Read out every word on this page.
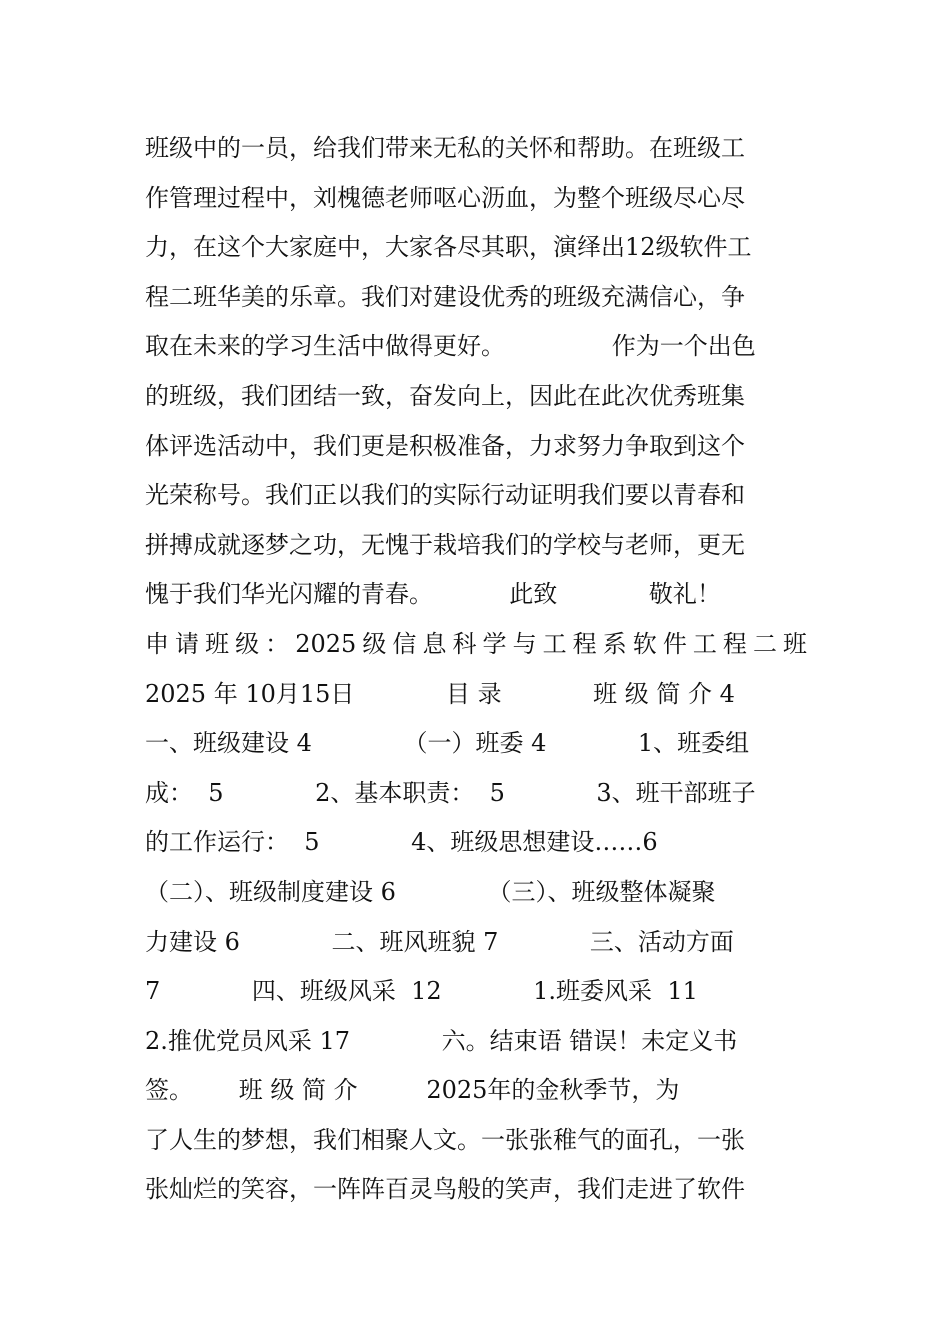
班级中的一员，给我们带来无私的关怀和帮助。在班级工
作管理过程中，刘槐德老师呕心沥血，为整个班级尽心尽
力，在这个大家庭中，大家各尽其职，演绎出12级软件工
程二班华美的乐章。我们对建设优秀的班级充满信心，争
取在未来的学习生活中做得更好。              作为一个出色
的班级，我们团结一致，奋发向上，因此在此次优秀班集
体评选活动中，我们更是积极准备，力求努力争取到这个
光荣称号。我们正以我们的实际行动证明我们要以青春和
拼搏成就逐梦之功，无愧于栽培我们的学校与老师，更无
愧于我们华光闪耀的青春。          此致            敬礼！
申请班级：2025级信息科学与工程系软件工程二班
2025 年 10月15日            目 录            班 级 简 介 4
一、班级建设 4            （一）班委 4            1、班委组
成：  5            2、基本职责：  5            3、班干部班子
的工作运行：  5            4、班级思想建设……6
（二）、班级制度建设 6            （三）、班级整体凝聚
力建设 6            二、班风班貌 7            三、活动方面
7            四、班级风采  12            1.班委风采  11
2.推优党员风采 17            六。结束语 错误！未定义书
签。      班 级 简 介         2025年的金秋季节，为
了人生的梦想，我们相聚人文。一张张稚气的面孔，一张
张灿烂的笑容，一阵阵百灵鸟般的笑声，我们走进了软件
